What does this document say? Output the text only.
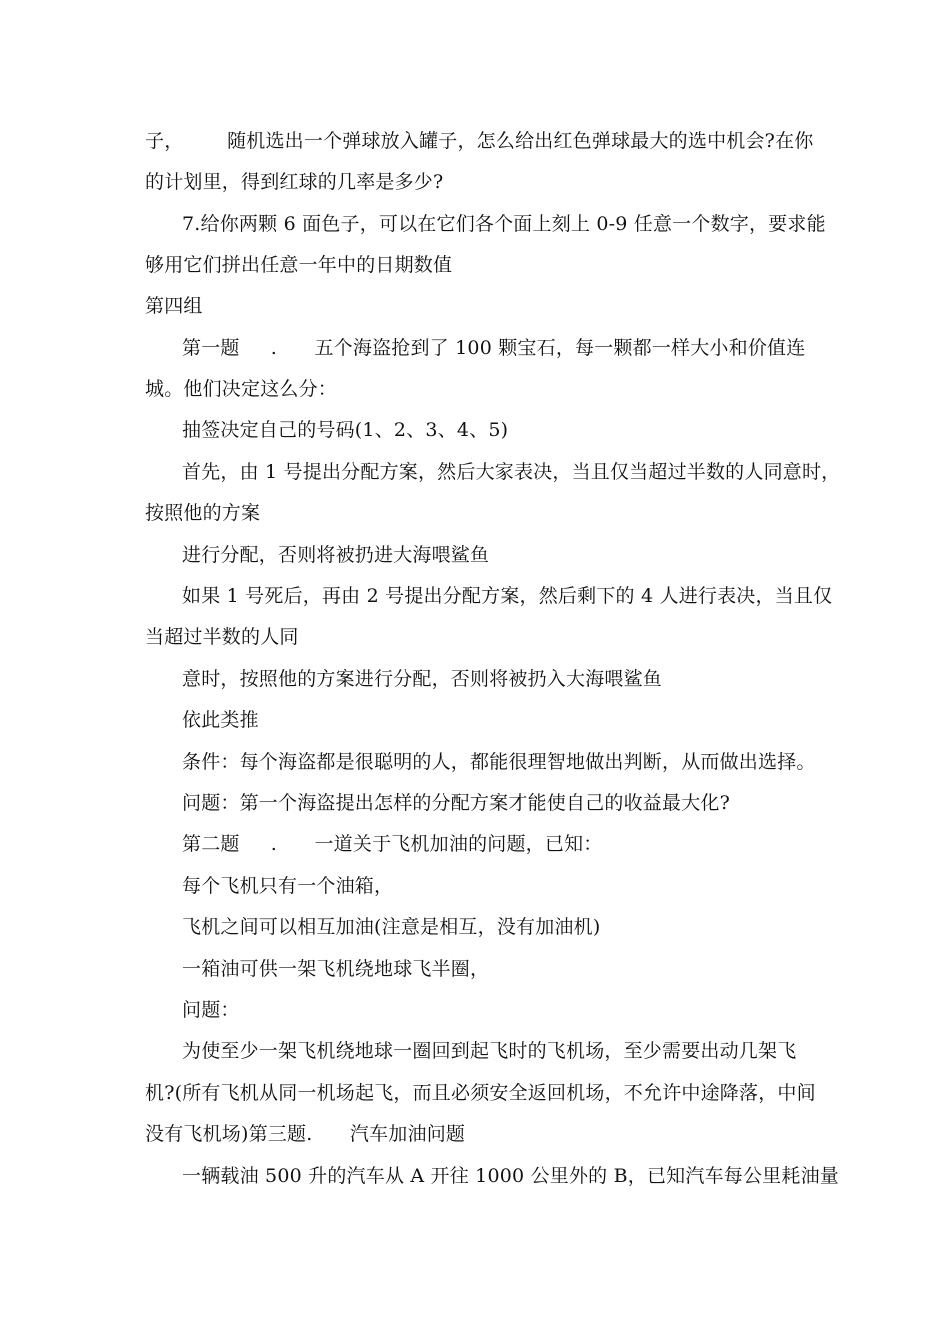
子，       随机选出一个弹球放入罐子，怎么给出红色弹球最大的选中机会?在你
的计划里，得到红球的几率是多少?
7.给你两颗 6 面色子，可以在它们各个面上刻上 0-9 任意一个数字，要求能
够用它们拼出任意一年中的日期数值
第四组
第一题     .      五个海盗抢到了 100 颗宝石，每一颗都一样大小和价值连
城。他们决定这么分：
抽签决定自己的号码(1、2、3、4、5)
首先，由 1 号提出分配方案，然后大家表决，当且仅当超过半数的人同意时，
按照他的方案
进行分配，否则将被扔进大海喂鲨鱼
如果 1 号死后，再由 2 号提出分配方案，然后剩下的 4 人进行表决，当且仅
当超过半数的人同
意时，按照他的方案进行分配，否则将被扔入大海喂鲨鱼
依此类推
条件：每个海盗都是很聪明的人，都能很理智地做出判断，从而做出选择。
问题：第一个海盗提出怎样的分配方案才能使自己的收益最大化?
第二题     .      一道关于飞机加油的问题，已知：
每个飞机只有一个油箱，
飞机之间可以相互加油(注意是相互，没有加油机)
一箱油可供一架飞机绕地球飞半圈，
问题：
为使至少一架飞机绕地球一圈回到起飞时的飞机场，至少需要出动几架飞
机?(所有飞机从同一机场起飞，而且必须安全返回机场，不允许中途降落，中间
没有飞机场)第三题.      汽车加油问题
一辆载油 500 升的汽车从 A 开往 1000 公里外的 B，已知汽车每公里耗油量
